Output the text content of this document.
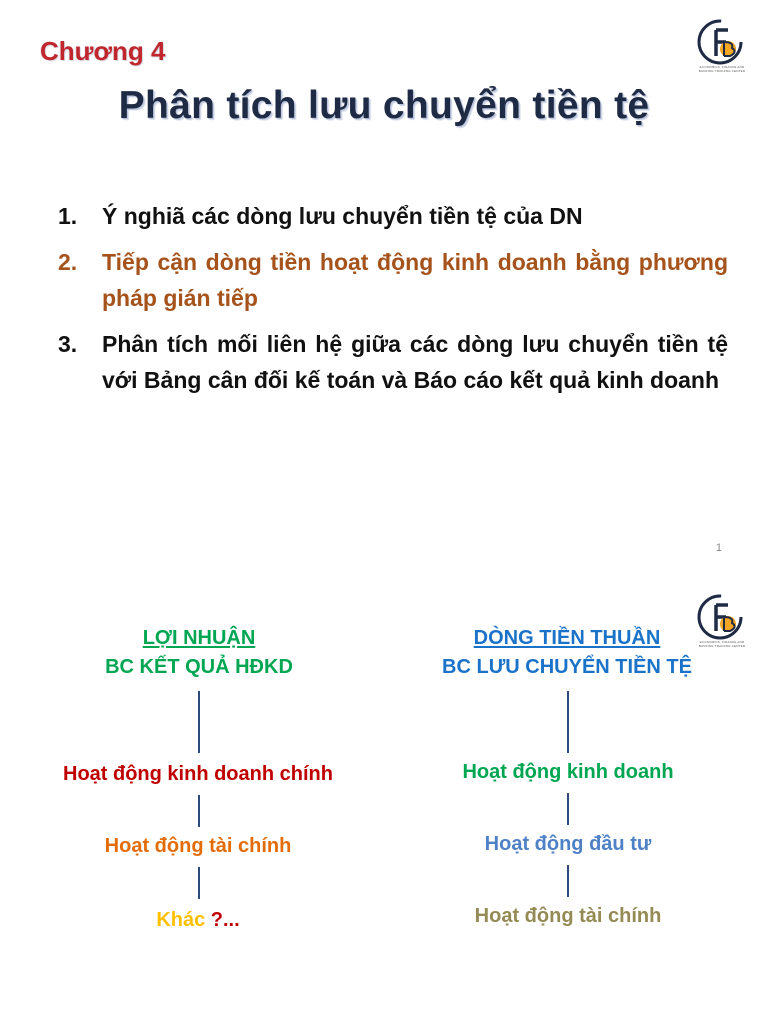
ECONOMICS, FINANCE AND BANKING TRAINING CENTER
Chương 4
Phân tích lưu chuyển tiền tệ
1. Ý nghiã các dòng lưu chuyển tiền tệ của DN
2. Tiếp cận dòng tiền hoạt động kinh doanh bằng phương pháp gián tiếp
3. Phân tích mối liên hệ giữa các dòng lưu chuyển tiền tệ với Bảng cân đối kế toán và Báo cáo kết quả kinh doanh
1
ECONOMICS, FINANCE AND BANKING TRAINING CENTER
LỢI NHUẬN
BC KẾT QUẢ HĐKD
Hoạt động kinh doanh chính
Hoạt động tài chính
Khác ?...
DÒNG TIỀN THUẦN
BC LƯU CHUYỂN TIỀN TỆ
Hoạt động kinh doanh
Hoạt động đầu tư
Hoạt động tài chính
